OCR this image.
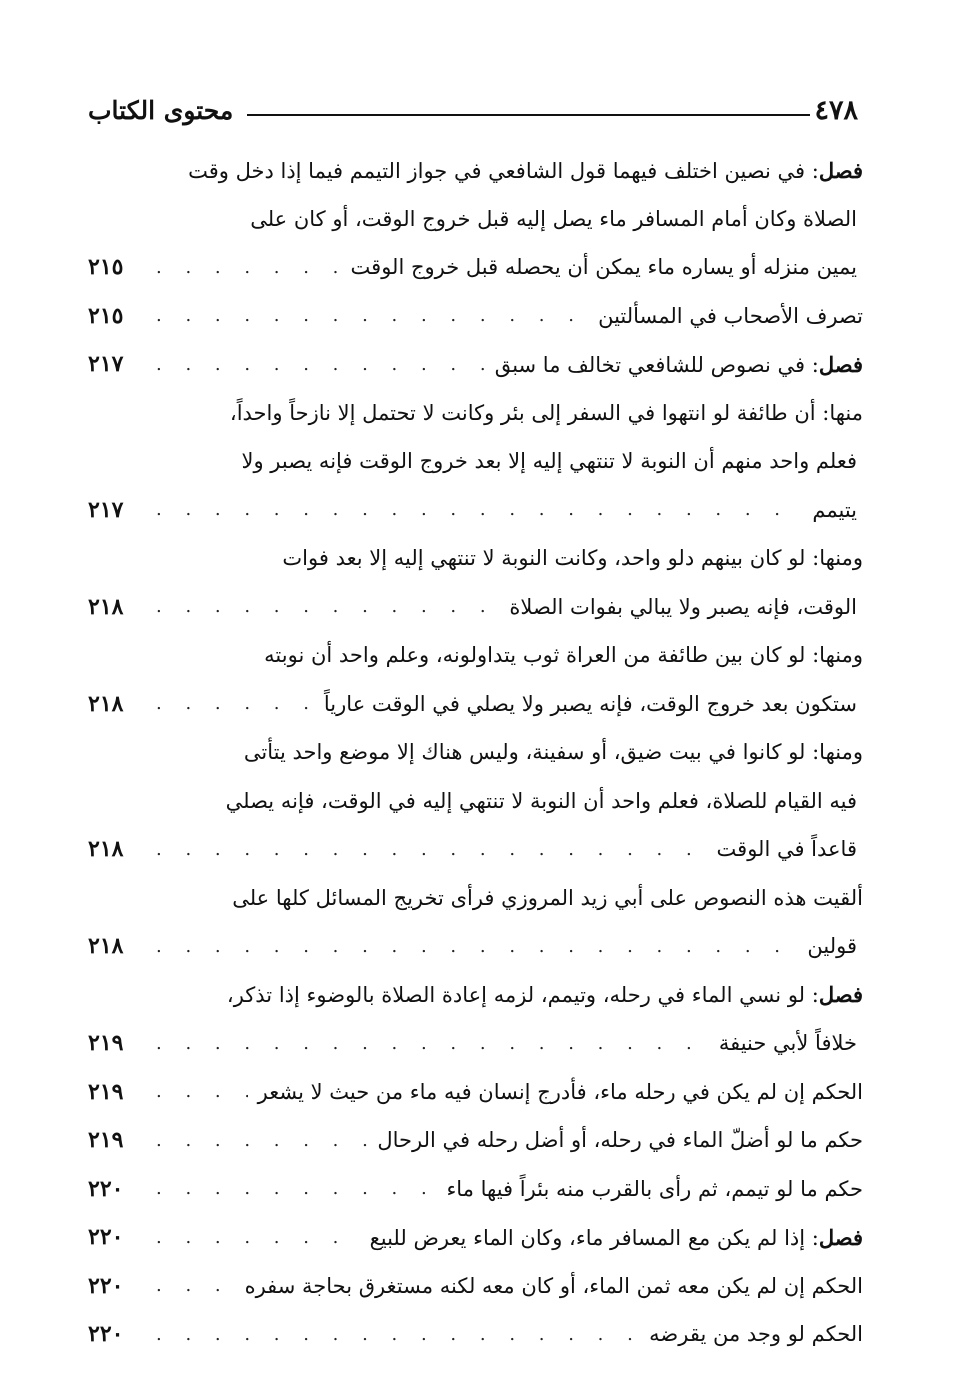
٤٧٨
محتوى الكتاب
فصل: في نصين اختلف فيهما قول الشافعي في جواز التيمم فيما إذا دخل وقت
الصلاة وكان أمام المسافر ماء يصل إليه قبل خروج الوقت، أو كان على
يمين منزله أو يساره ماء يمكن أن يحصله قبل خروج الوقت
. . .
٢١٥
تصرف الأصحاب في المسألتين
. . .
٢١٥
فصل: في نصوص للشافعي تخالف ما سبق
. . .
٢١٧
منها: أن طائفة لو انتهوا في السفر إلى بئر وكانت لا تحتمل إلا نازحاً واحداً،
فعلم واحد منهم أن النوبة لا تنتهي إليه إلا بعد خروج الوقت فإنه يصبر ولا
يتيمم
. . .
٢١٧
ومنها: لو كان بينهم دلو واحد، وكانت النوبة لا تنتهي إليه إلا بعد فوات
الوقت، فإنه يصبر ولا يبالي بفوات الصلاة
. . .
٢١٨
ومنها: لو كان بين طائفة من العراة ثوب يتداولونه، وعلم واحد أن نوبته
ستكون بعد خروج الوقت، فإنه يصبر ولا يصلي في الوقت عارياً
. . .
٢١٨
ومنها: لو كانوا في بيت ضيق، أو سفينة، وليس هناك إلا موضع واحد يتأتى
فيه القيام للصلاة، فعلم واحد أن النوبة لا تنتهي إليه في الوقت، فإنه يصلي
قاعداً في الوقت
. . .
٢١٨
ألقيت هذه النصوص على أبي زيد المروزي فرأى تخريج المسائل كلها على
قولين
. . .
٢١٨
فصل: لو نسي الماء في رحله، وتيمم، لزمه إعادة الصلاة بالوضوء إذا تذكر،
خلافاً لأبي حنيفة
. . .
٢١٩
الحكم إن لم يكن في رحله ماء، فأدرج إنسان فيه ماء من حيث لا يشعر
. . .
٢١٩
حكم ما لو أضلّ الماء في رحله، أو أضل رحله في الرحال
. . .
٢١٩
حكم ما لو تيمم، ثم رأى بالقرب منه بئراً فيها ماء
. . .
٢٢٠
فصل: إذا لم يكن مع المسافر ماء، وكان الماء يعرض للبيع
. . .
٢٢٠
الحكم إن لم يكن معه ثمن الماء، أو كان معه لكنه مستغرق بحاجة سفره
. . .
٢٢٠
الحكم لو وجد من يقرضه
. . .
٢٢٠
